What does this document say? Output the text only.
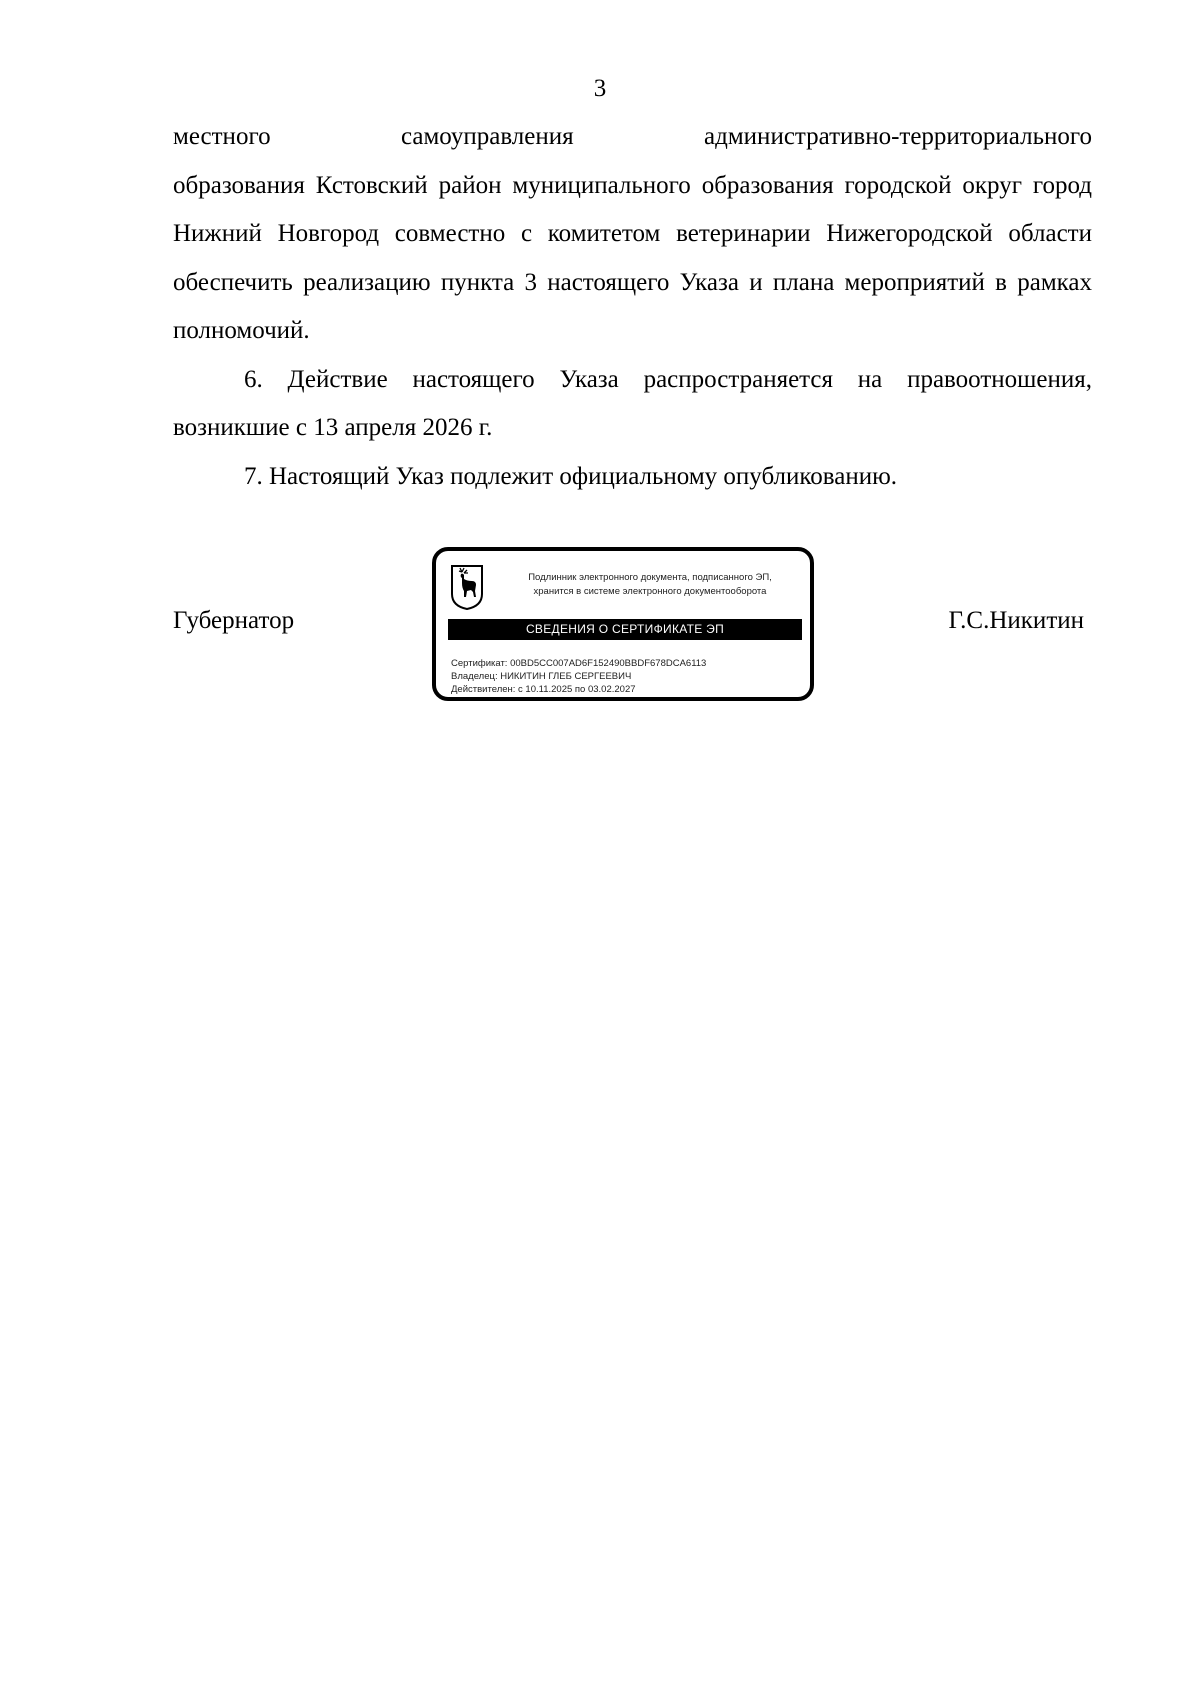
3

местного	самоуправления	административно-территориального

образования Кстовский район муниципального образования городской округ город Нижний Новгород совместно с комитетом ветеринарии Нижегородской области обеспечить реализацию пункта 3 настоящего Указа и плана мероприятий в рамках полномочий.

6. Действие настоящего Указа распространяется на правоотношения, возникшие с 13 апреля 2026 г.

7. Настоящий Указ подлежит официальному опубликованию.

Губернатор	Г.С.Никитин
Подлинник электронного документа, подписанного ЭП,
хранится в системе электронного документооборота
СВЕДЕНИЯ О СЕРТИФИКАТЕ ЭП
Сертификат: 00BD5CC007AD6F152490BBDF678DCA6113
Владелец: НИКИТИН ГЛЕБ СЕРГЕЕВИЧ
Действителен: с 10.11.2025 по 03.02.2027
